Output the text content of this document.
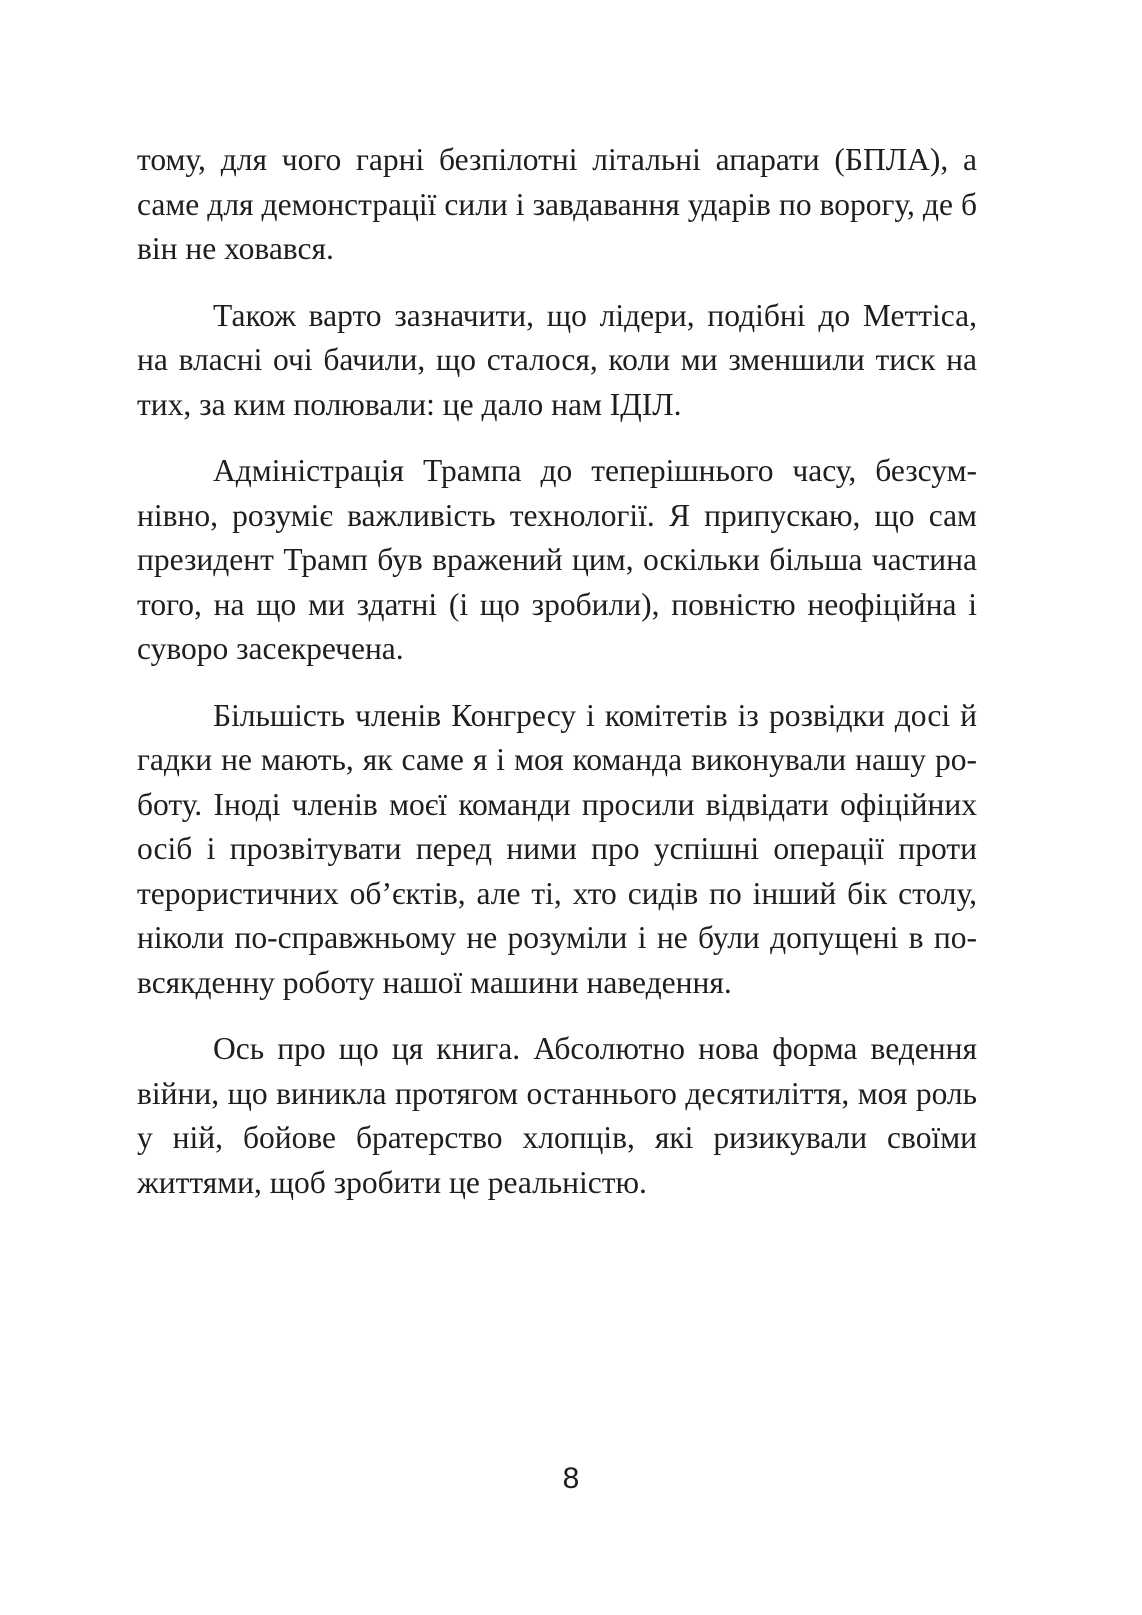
тому, для чого гарні безпілотні літальні апарати (БПЛА), а саме для демонстрації сили і завдавання ударів по ворогу, де б він не ховався.

Також варто зазначити, що лідери, подібні до Меттіса, на власні очі бачили, що сталося, коли ми зменшили тиск на тих, за ким полювали: це дало нам ІДІЛ.

Адміністрація Трампа до теперішнього часу, безсумнівно, розуміє важливість технології. Я припускаю, що сам президент Трамп був вражений цим, оскільки більша частина того, на що ми здатні (і що зробили), повністю неофіційна і суворо засекречена.

Більшість членів Конгресу і комітетів із розвідки досі й гадки не мають, як саме я і моя команда виконували нашу роботу. Іноді членів моєї команди просили відвідати офіційних осіб і прозвітувати перед ними про успішні операції проти терористичних об’єктів, але ті, хто сидів по інший бік столу, ніколи по-справжньому не розуміли і не були допущені в повсякденну роботу нашої машини наведення.

Ось про що ця книга. Абсолютно нова форма ведення війни, що виникла протягом останнього десятиліття, моя роль у ній, бойове братерство хлопців, які ризикували своїми життями, щоб зробити це реальністю.

8
